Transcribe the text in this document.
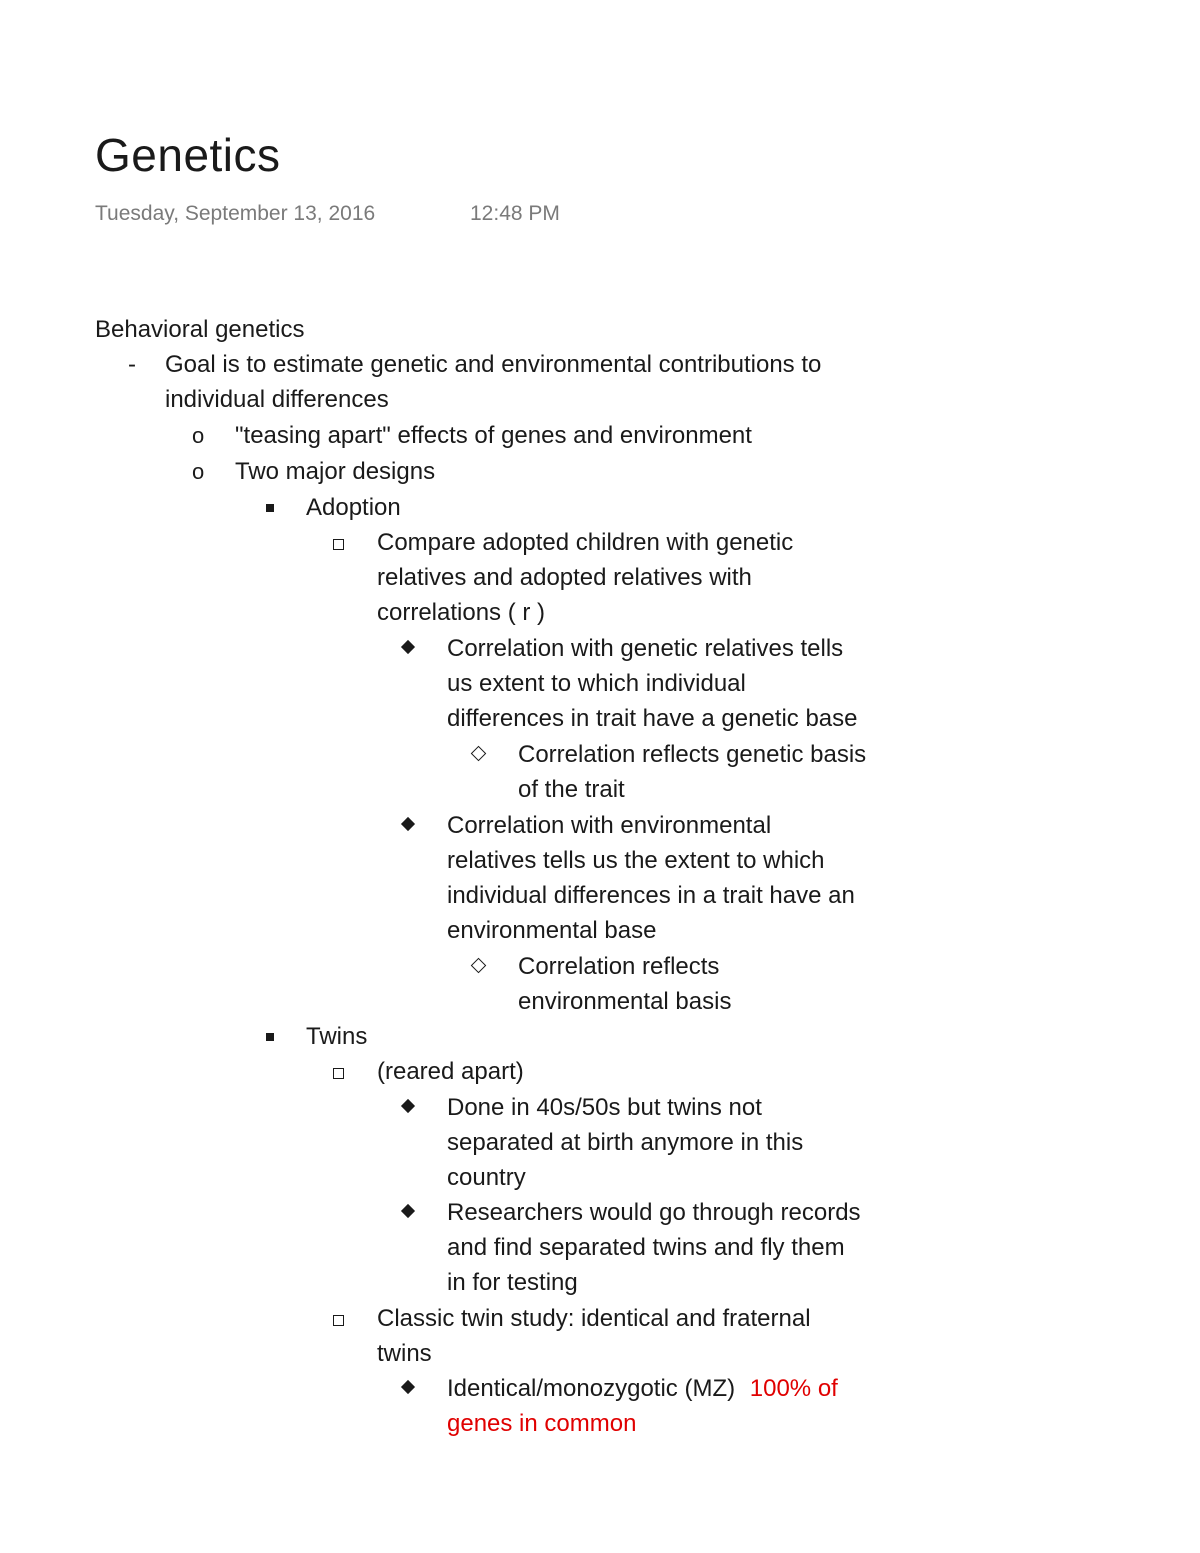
Genetics
Tuesday, September 13, 2016	12:48 PM
Behavioral genetics
- Goal is to estimate genetic and environmental contributions to
individual differences
o "teasing apart" effects of genes and environment
o Two major designs
Adoption
Compare adopted children with genetic
relatives and adopted relatives with
correlations ( r )
Correlation with genetic relatives tells
us extent to which individual
differences in trait have a genetic base
Correlation reflects genetic basis
of the trait
Correlation with environmental
relatives tells us the extent to which
individual differences in a trait have an
environmental base
Correlation reflects
environmental basis
Twins
(reared apart)
Done in 40s/50s but twins not
separated at birth anymore in this
country
Researchers would go through records
and find separated twins and fly them
in for testing
Classic twin study: identical and fraternal
twins
Identical/monozygotic (MZ) 100% of
genes in common
